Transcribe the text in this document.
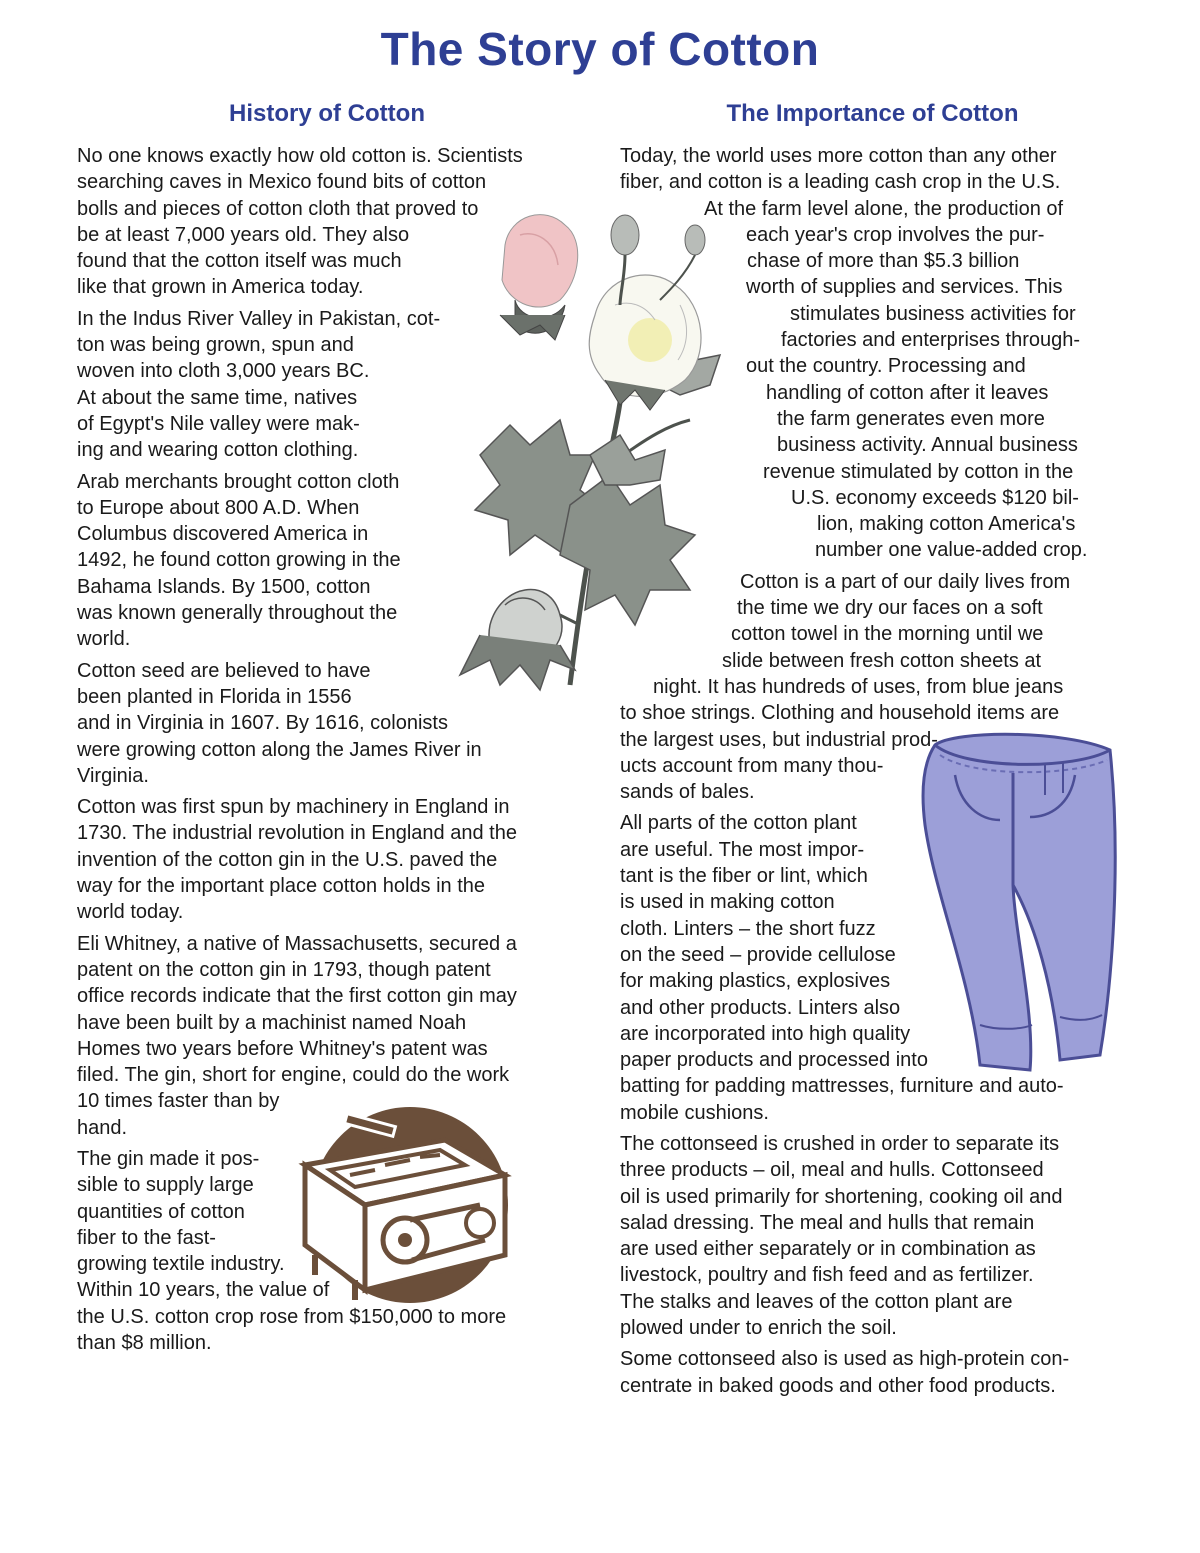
The Story of Cotton
History of Cotton	The Importance of Cotton

No one knows exactly how old cotton is. Scientists
searching caves in Mexico found bits of cotton
bolls and pieces of cotton cloth that proved to
be at least 7,000 years old. They also
found that the cotton itself was much
like that grown in America today.

In the Indus River Valley in Pakistan, cot-
ton was being grown, spun and
woven into cloth 3,000 years BC.
At about the same time, natives
of Egypt's Nile valley were mak-
ing and wearing cotton clothing.

Arab merchants brought cotton cloth
to Europe about 800 A.D. When
Columbus discovered America in
1492, he found cotton growing in the
Bahama Islands. By 1500, cotton
was known generally throughout the
world.

Cotton seed are believed to have
been planted in Florida in 1556
and in Virginia in 1607. By 1616, colonists
were growing cotton along the James River in
Virginia.

Cotton was first spun by machinery in England in
1730. The industrial revolution in England and the
invention of the cotton gin in the U.S. paved the
way for the important place cotton holds in the
world today.

Eli Whitney, a native of Massachusetts, secured a
patent on the cotton gin in 1793, though patent
office records indicate that the first cotton gin may
have been built by a machinist named Noah
Homes two years before Whitney's patent was
filed. The gin, short for engine, could do the work
10 times faster than by
hand.

The gin made it pos-
sible to supply large
quantities of cotton
fiber to the fast-
growing textile industry.
Within 10 years, the value of
the U.S. cotton crop rose from $150,000 to more
than $8 million.

Today, the world uses more cotton than any other
fiber, and cotton is a leading cash crop in the U.S.
At the farm level alone, the production of
each year's crop involves the pur-
chase of more than $5.3 billion
worth of supplies and services. This
stimulates business activities for
factories and enterprises through-
out the country. Processing and
handling of cotton after it leaves
the farm generates even more
business activity. Annual business
revenue stimulated by cotton in the
U.S. economy exceeds $120 bil-
lion, making cotton America's
number one value-added crop.

Cotton is a part of our daily lives from
the time we dry our faces on a soft
cotton towel in the morning until we
slide between fresh cotton sheets at
night. It has hundreds of uses, from blue jeans
to shoe strings. Clothing and household items are
the largest uses, but industrial prod-
ucts account from many thou-
sands of bales.

All parts of the cotton plant
are useful. The most impor-
tant is the fiber or lint, which
is used in making cotton
cloth. Linters – the short fuzz
on the seed – provide cellulose
for making plastics, explosives
and other products. Linters also
are incorporated into high quality
paper products and processed into
batting for padding mattresses, furniture and auto-
mobile cushions.

The cottonseed is crushed in order to separate its
three products – oil, meal and hulls. Cottonseed
oil is used primarily for shortening, cooking oil and
salad dressing. The meal and hulls that remain
are used either separately or in combination as
livestock, poultry and fish feed and as fertilizer.
The stalks and leaves of the cotton plant are
plowed under to enrich the soil.

Some cottonseed also is used as high-protein con-
centrate in baked goods and other food products.
